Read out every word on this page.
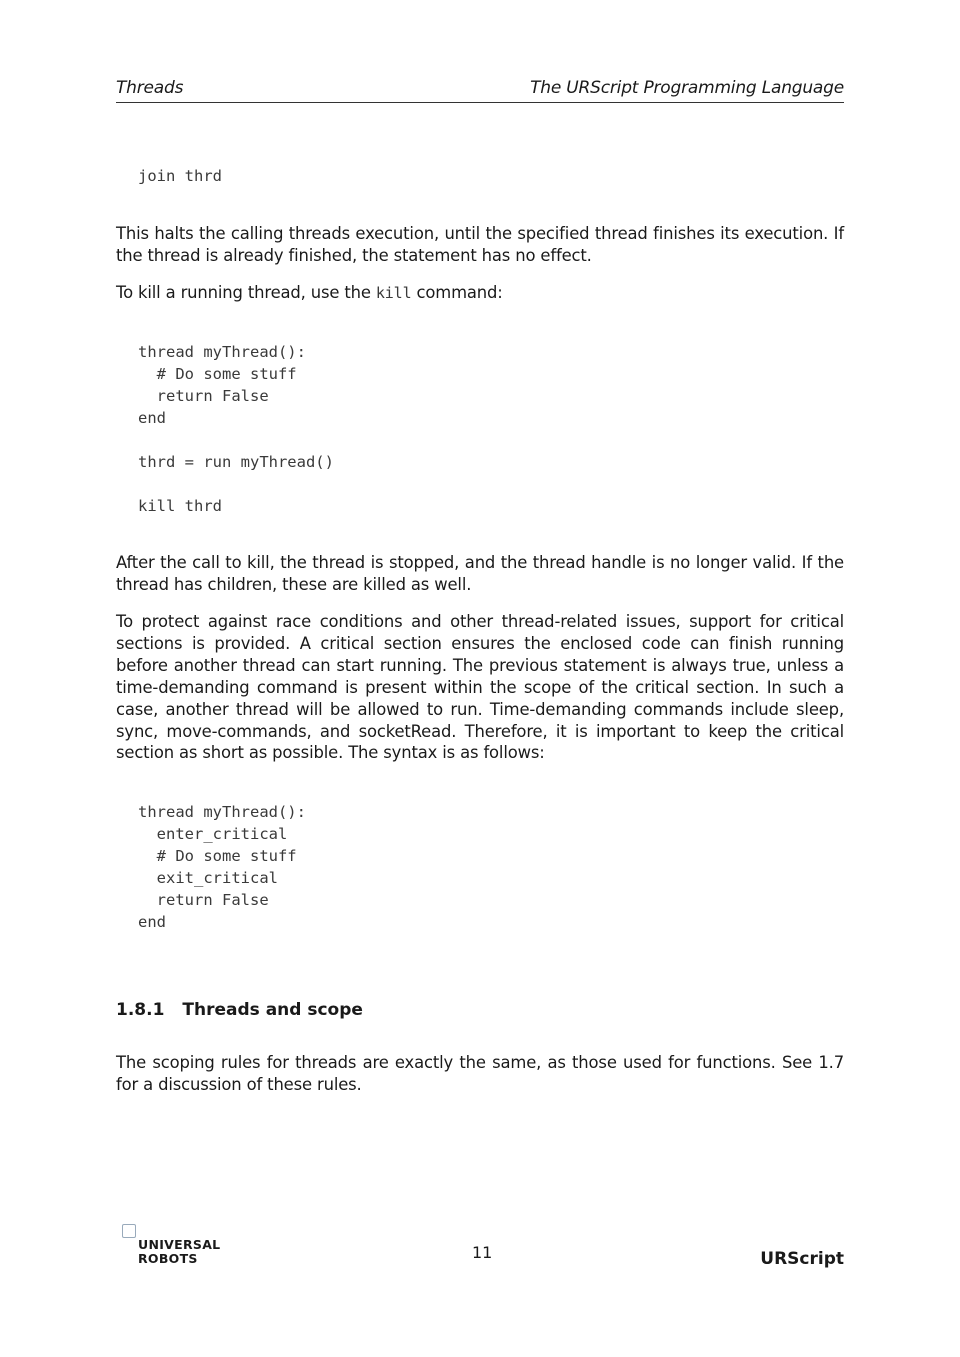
Threads	The URScript Programming Language
join thrd

This halts the calling threads execution, until the specified thread finishes its execution. If the thread is already finished, the statement has no effect.

To kill a running thread, use the kill command:

thread myThread():
# Do some stuff
return False
end

thrd = run myThread()

kill thrd

After the call to kill, the thread is stopped, and the thread handle is no longer valid. If the thread has children, these are killed as well.

To protect against race conditions and other thread-related issues, support for critical sections is provided. A critical section ensures the enclosed code can finish running before another thread can start running. The previous statement is always true, unless a time-demanding command is present within the scope of the critical section. In such a case, another thread will be allowed to run. Time-demanding commands include sleep, sync, move-commands, and socketRead. Therefore, it is important to keep the critical section as short as possible. The syntax is as follows:

thread myThread():
enter_critical
# Do some stuff
exit_critical
return False
end
1.8.1 Threads and scope

The scoping rules for threads are exactly the same, as those used for functions. See 1.7 for a discussion of these rules.

UNIVERSAL
ROBOTS	11	URScript
